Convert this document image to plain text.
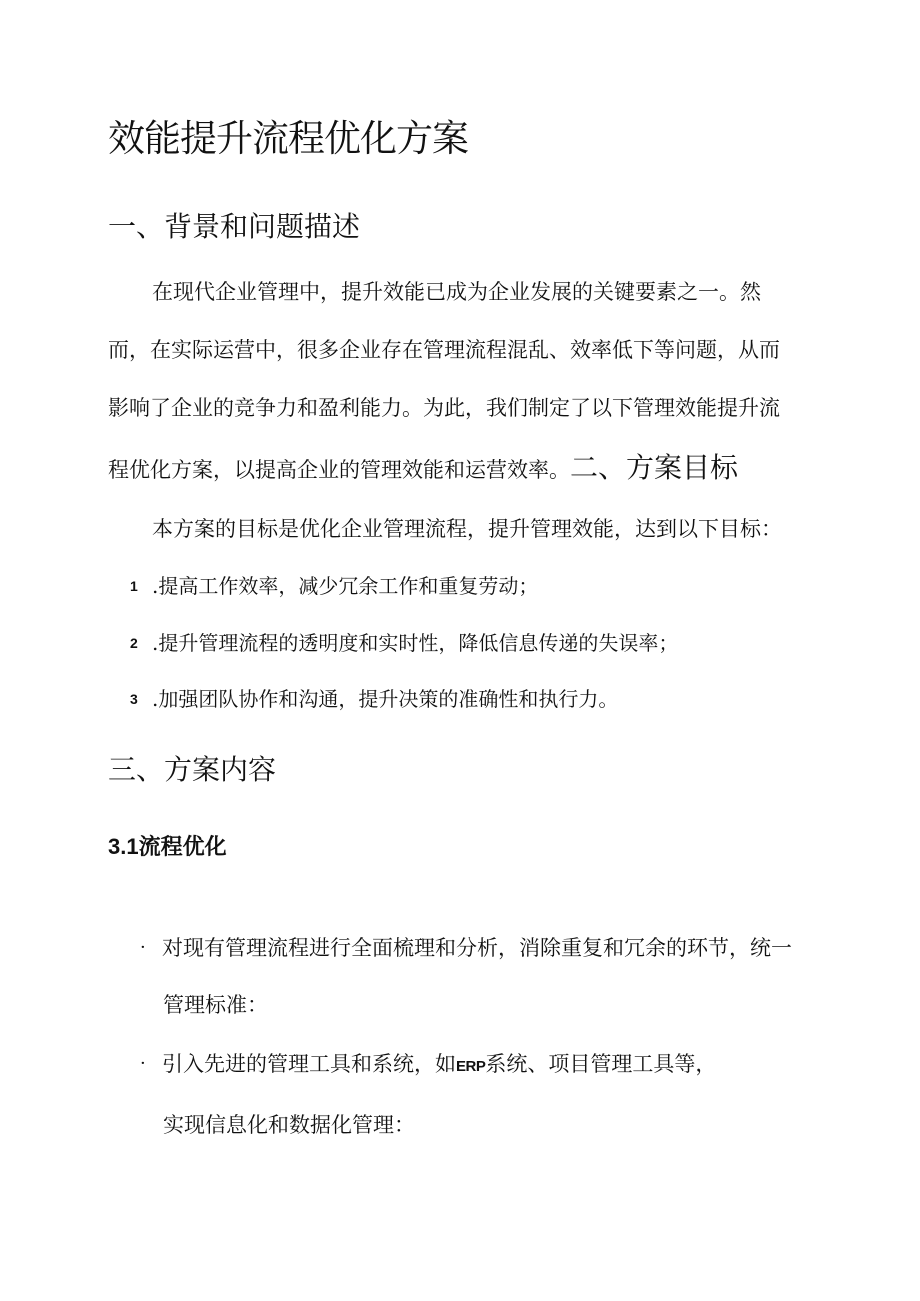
效能提升流程优化方案
一、背景和问题描述

在现代企业管理中，提升效能已成为企业发展的关键要素之一。然

而，在实际运营中，很多企业存在管理流程混乱、效率低下等问题，从而

影响了企业的竞争力和盈利能力。为此，我们制定了以下管理效能提升流

程优化方案，以提高企业的管理效能和运营效率。二、方案目标

本方案的目标是优化企业管理流程，提升管理效能，达到以下目标：

1 .提高工作效率，减少冗余工作和重复劳动；

2 .提升管理流程的透明度和实时性，降低信息传递的失误率；

3 .加强团队协作和沟通，提升决策的准确性和执行力。

三、方案内容
3.1流程优化

· 对现有管理流程进行全面梳理和分析，消除重复和冗余的环节，统一

管理标准：

· 引入先进的管理工具和系统，如ERP系统、项目管理工具等，

实现信息化和数据化管理：
